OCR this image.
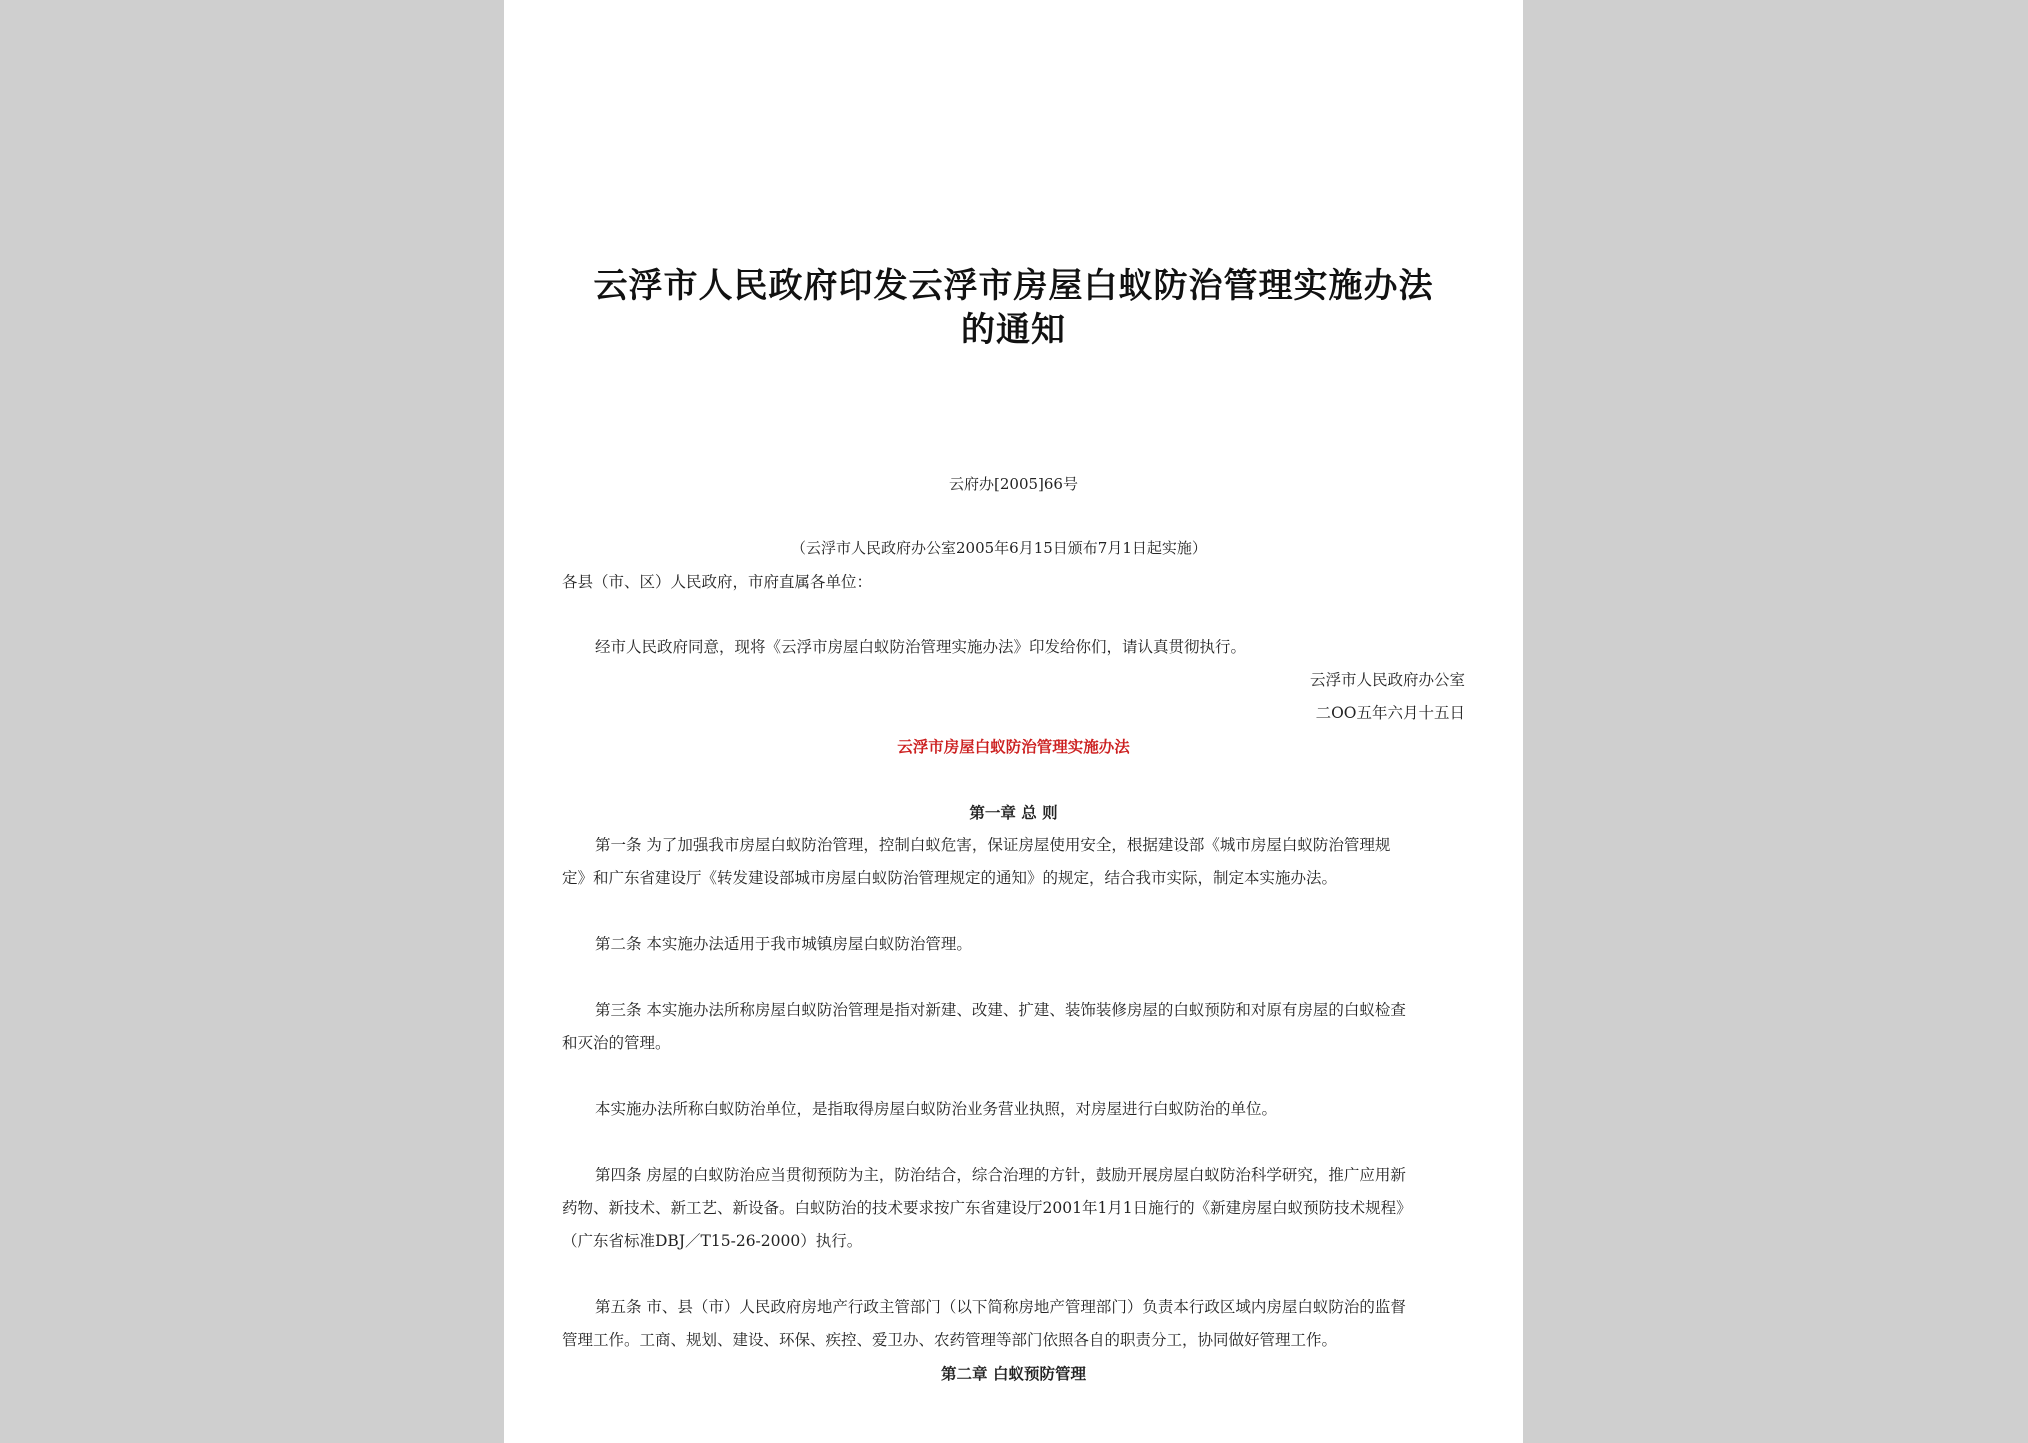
云浮市人民政府印发云浮市房屋白蚁防治管理实施办法
的通知
云府办[2005]66号
（云浮市人民政府办公室2005年6月15日颁布7月1日起实施）
各县（市、区）人民政府，市府直属各单位：
经市人民政府同意，现将《云浮市房屋白蚁防治管理实施办法》印发给你们，请认真贯彻执行。
云浮市人民政府办公室
二OO五年六月十五日
云浮市房屋白蚁防治管理实施办法
第一章 总 则
第一条 为了加强我市房屋白蚁防治管理，控制白蚁危害，保证房屋使用安全，根据建设部《城市房屋白蚁防治管理规
定》和广东省建设厅《转发建设部城市房屋白蚁防治管理规定的通知》的规定，结合我市实际，制定本实施办法。
第二条 本实施办法适用于我市城镇房屋白蚁防治管理。
第三条 本实施办法所称房屋白蚁防治管理是指对新建、改建、扩建、装饰装修房屋的白蚁预防和对原有房屋的白蚁检查
和灭治的管理。
本实施办法所称白蚁防治单位，是指取得房屋白蚁防治业务营业执照，对房屋进行白蚁防治的单位。
第四条 房屋的白蚁防治应当贯彻预防为主，防治结合，综合治理的方针，鼓励开展房屋白蚁防治科学研究，推广应用新
药物、新技术、新工艺、新设备。白蚁防治的技术要求按广东省建设厅2001年1月1日施行的《新建房屋白蚁预防技术规程》
（广东省标准DBJ／T15-26-2000）执行。
第五条 市、县（市）人民政府房地产行政主管部门（以下简称房地产管理部门）负责本行政区域内房屋白蚁防治的监督
管理工作。工商、规划、建设、环保、疾控、爱卫办、农药管理等部门依照各自的职责分工，协同做好管理工作。
第二章 白蚁预防管理
